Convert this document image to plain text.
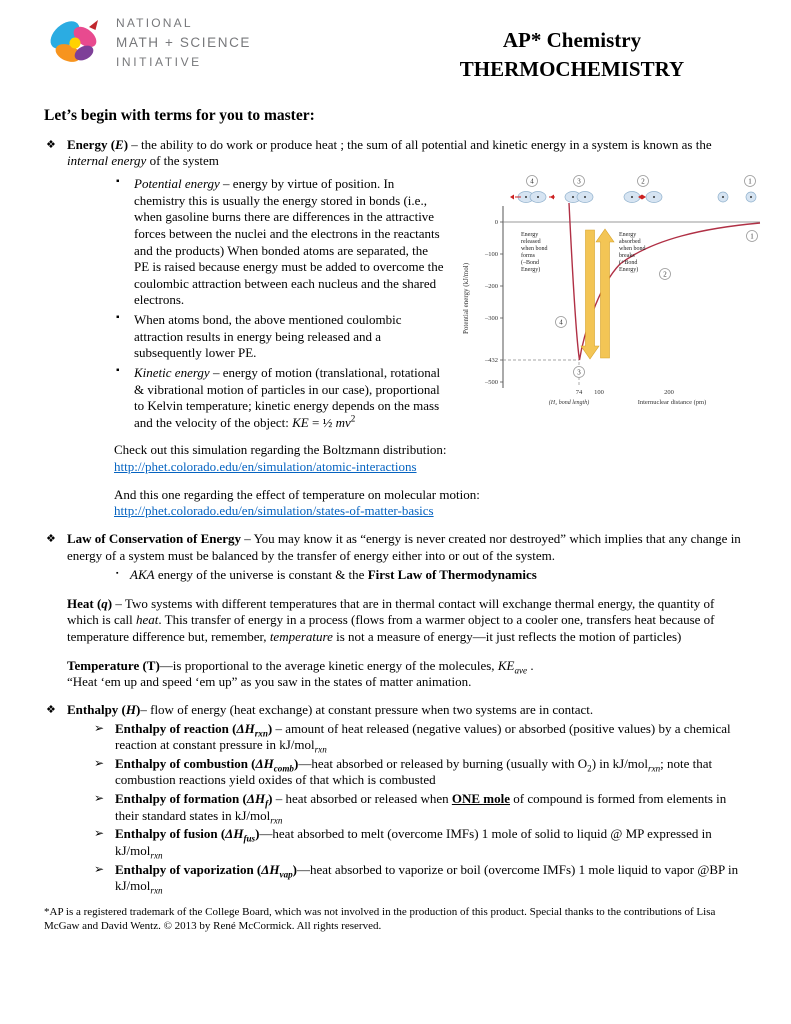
NATIONAL
MATH + SCIENCE
INITIATIVE
AP* Chemistry
THERMOCHEMISTRY
Let’s begin with terms for you to master:
❖ Energy (E) – the ability to do work or produce heat ; the sum of all potential and kinetic energy in a system is known as the internal energy of the system
4	3	2	1
0
–100
–200
–300
–432
–500
Potential energy (kJ/mol)
Energy
released
when bond
forms
(–Bond
Energy)
Energy
absorbed
when bond
breaks
(+Bond
Energy)
4
3
2
1
74 100	200
(H₂ bond length)	Internuclear distance (pm)
▪ Potential energy – energy by virtue of position. In chemistry this is usually the energy stored in bonds (i.e., when gasoline burns there are differences in the attractive forces between the nuclei and the electrons in the reactants and the products) When bonded atoms are separated, the PE is raised because energy must be added to overcome the coulombic attraction between each nucleus and the shared electrons.
▪ When atoms bond, the above mentioned coulombic attraction results in energy being released and a subsequently lower PE.
▪ Kinetic energy – energy of motion (translational, rotational & vibrational motion of particles in our case), proportional to Kelvin temperature; kinetic energy depends on the mass and the velocity of the object: KE = ½ $mv^2$
Check out this simulation regarding the Boltzmann distribution:
http://phet.colorado.edu/en/simulation/atomic-interactions
And this one regarding the effect of temperature on molecular motion:
http://phet.colorado.edu/en/simulation/states-of-matter-basics
❖ Law of Conservation of Energy – You may know it as “energy is never created nor destroyed” which implies that any change in energy of a system must be balanced by the transfer of energy either into or out of the system.
▪ AKA energy of the universe is constant & the First Law of Thermodynamics
Heat (q) – Two systems with different temperatures that are in thermal contact will exchange thermal energy, the quantity of which is call heat. This transfer of energy in a process (flows from a warmer object to a cooler one, transfers heat because of temperature difference but, remember, temperature is not a measure of energy—it just reflects the motion of particles)
Temperature (T)—is proportional to the average kinetic energy of the molecules, $KE_{ave}$ .
“Heat ‘em up and speed ‘em up” as you saw in the states of matter animation.
❖ Enthalpy (H)– flow of energy (heat exchange) at constant pressure when two systems are in contact.
➢ Enthalpy of reaction $(\Delta H_{rxn})$ – amount of heat released (negative values) or absorbed (positive values) by a chemical reaction at constant pressure in kJ/mol$_{rxn}$
➢ Enthalpy of combustion $(\Delta H_{comb})—heat$ absorbed or released by burning (usually with $O_2$) in kJ/mol$_{rxn}$; note that combustion reactions yield oxides of that which is combusted
➢ Enthalpy of formation $(\Delta H_f)$ – heat absorbed or released when ONE mole of compound is formed from elements in their standard states in kJ/mol$_{rxn}$
➢ Enthalpy of fusion $(\Delta H_{fus})—heat$ absorbed to melt (overcome IMFs) 1 mole of solid to liquid @ MP expressed in kJ/mol$_{rxn}$
➢ Enthalpy of vaporization $(\Delta H_{vap})—heat$ absorbed to vaporize or boil (overcome IMFs) 1 mole liquid to vapor @BP in kJ/mol$_{rxn}$
*AP is a registered trademark of the College Board, which was not involved in the production of this product. Special thanks to the contributions of Lisa McGaw and David Wentz. © 2013 by René McCormick. All rights reserved.
